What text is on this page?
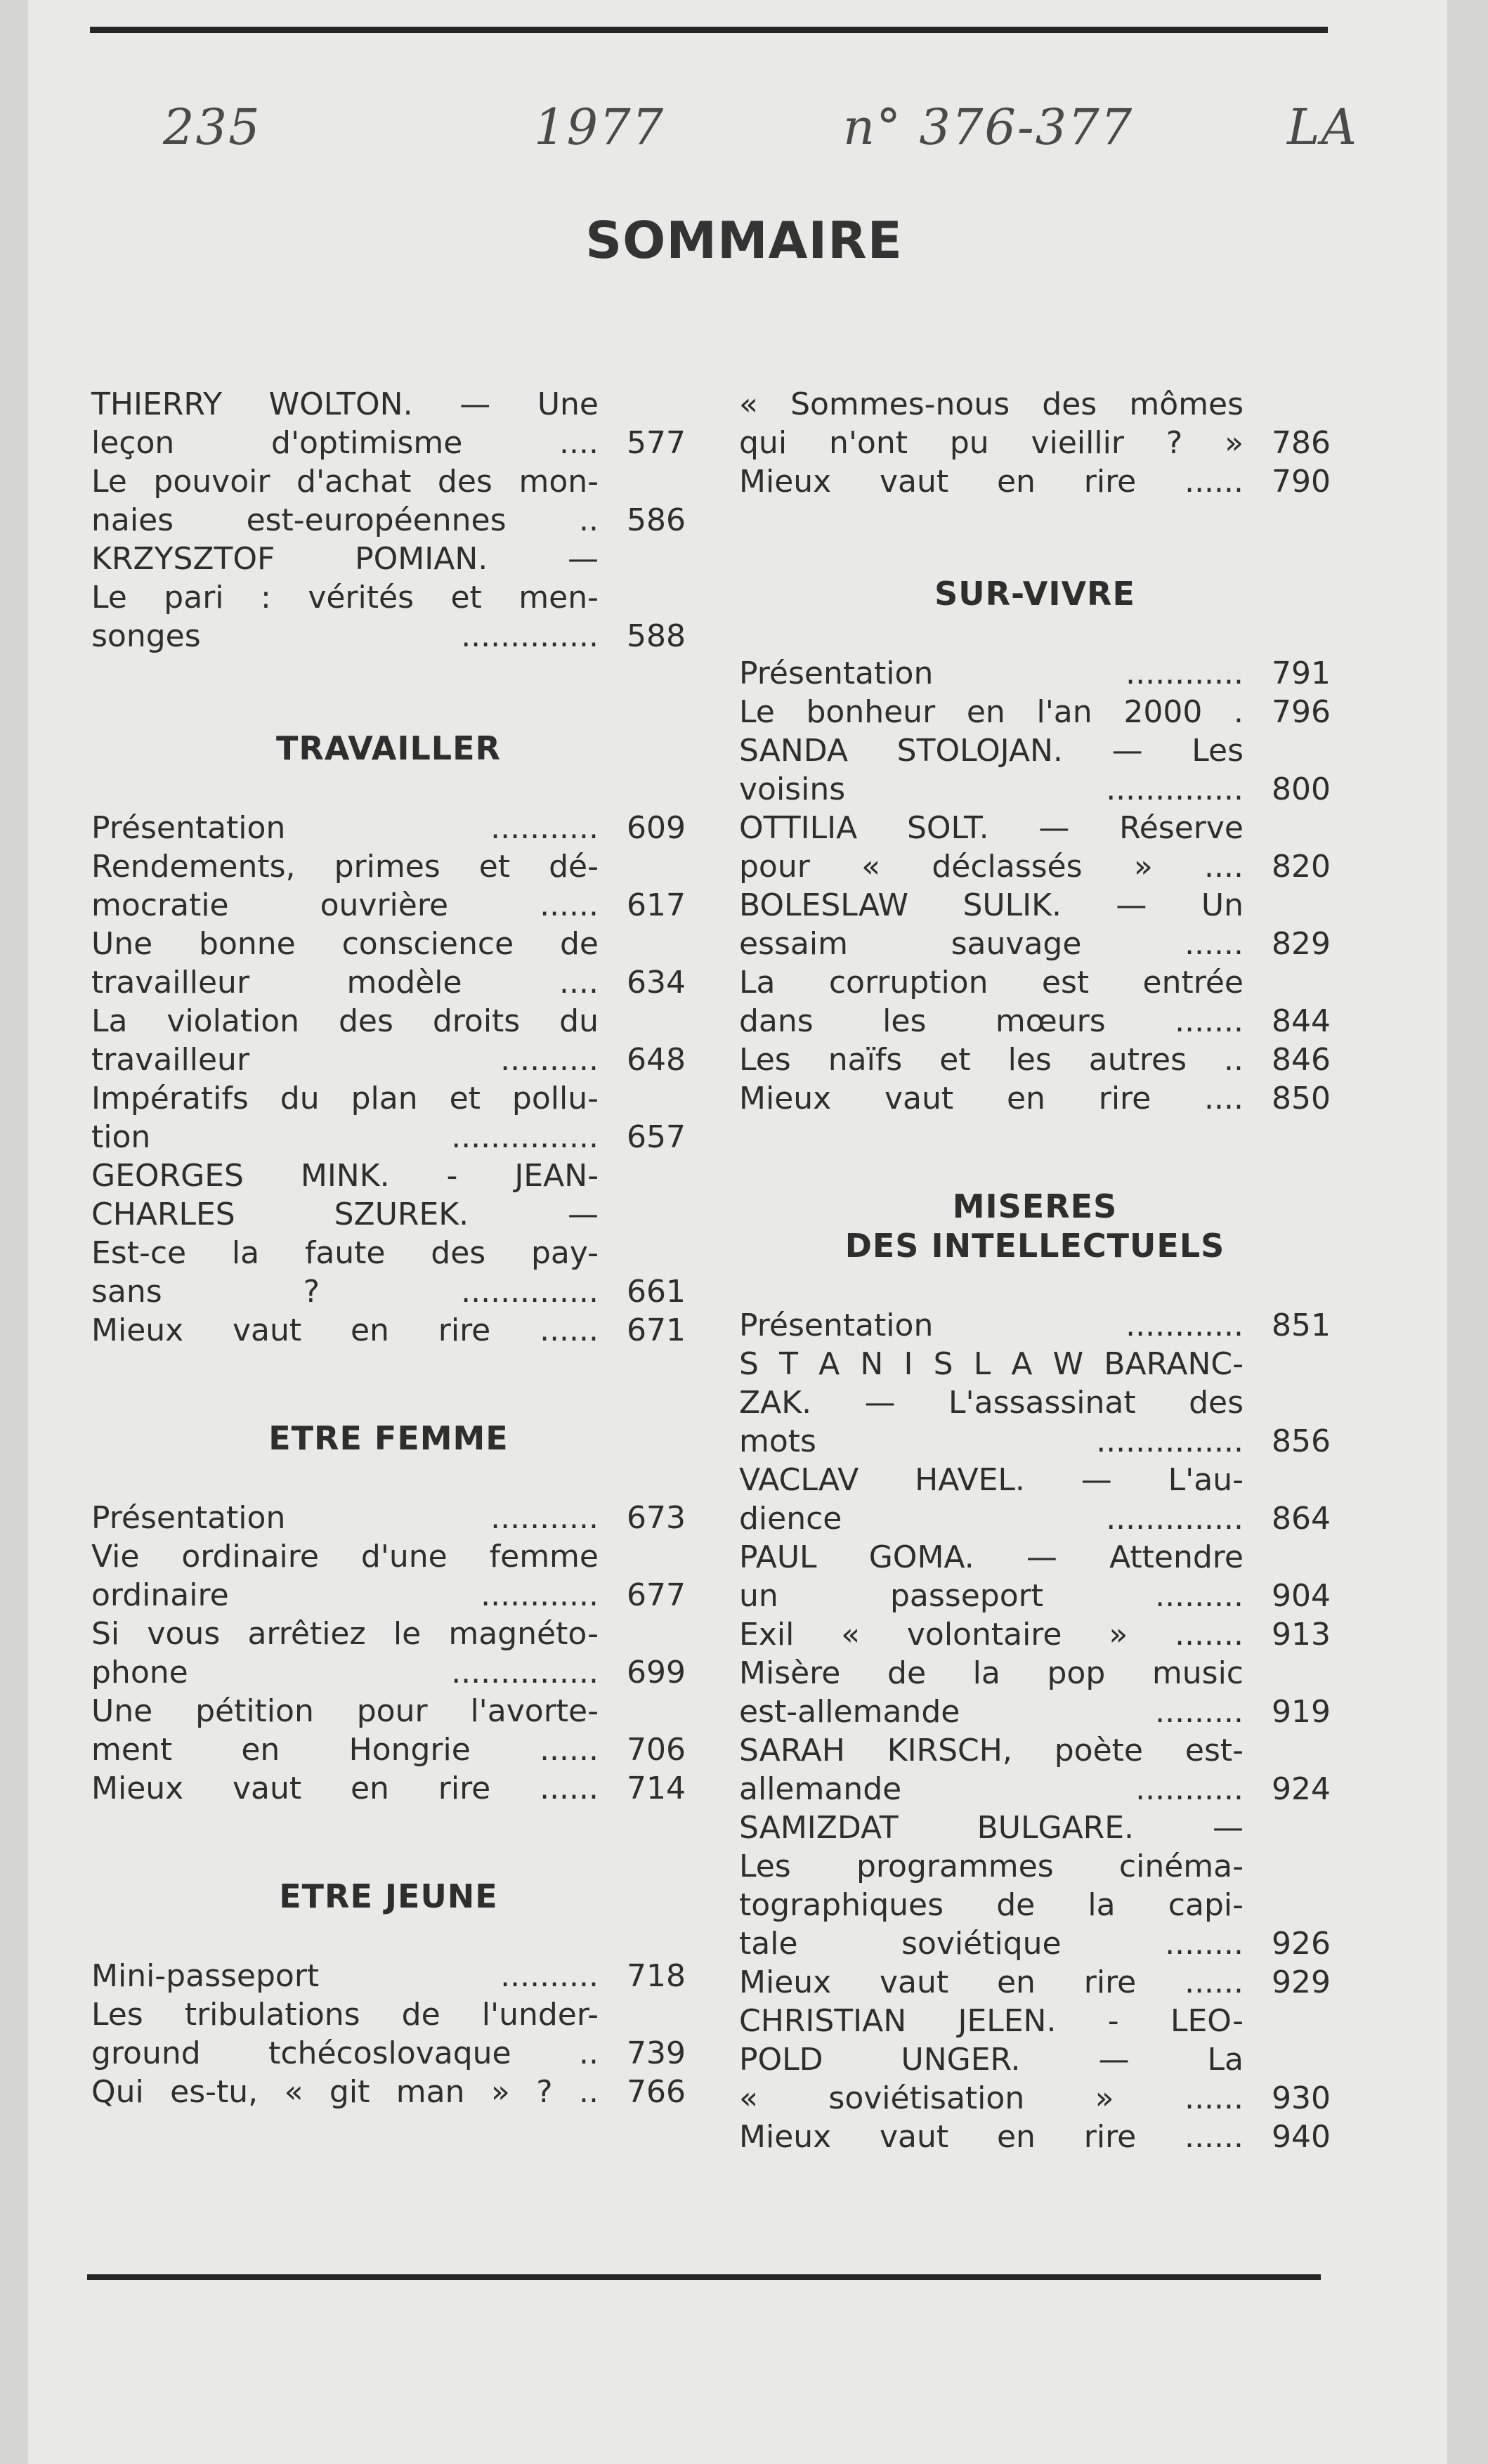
235	1977	n° 376-377	LA
SOMMAIRE
THIERRY WOLTON. — Une
leçon d'optimisme .... 577
Le pouvoir d'achat des mon-
naies est-européennes .. 586
KRZYSZTOF POMIAN. —
Le pari : vérités et men-
songes .............. 588
TRAVAILLER
Présentation ........... 609
Rendements, primes et dé-
mocratie ouvrière ...... 617
Une bonne conscience de
travailleur modèle .... 634
La violation des droits du
travailleur .......... 648
Impératifs du plan et pollu-
tion ............... 657
GEORGES MINK. - JEAN-
CHARLES SZUREK. —
Est-ce la faute des pay-
sans ? .............. 661
Mieux vaut en rire ...... 671
ETRE FEMME
Présentation ........... 673
Vie ordinaire d'une femme
ordinaire ............ 677
Si vous arrêtiez le magnéto-
phone ............... 699
Une pétition pour l'avorte-
ment en Hongrie ...... 706
Mieux vaut en rire ...... 714
ETRE JEUNE
Mini-passeport .......... 718
Les tribulations de l'under-
ground tchécoslovaque .. 739
Qui es-tu, « git man » ? .. 766
« Sommes-nous des mômes
qui n'ont pu vieillir ? » 786
Mieux vaut en rire ...... 790
SUR-VIVRE
Présentation ............ 791
Le bonheur en l'an 2000 . 796
SANDA STOLOJAN. — Les
voisins .............. 800
OTTILIA SOLT. — Réserve
pour « déclassés » .... 820
BOLESLAW SULIK. — Un
essaim sauvage ...... 829
La corruption est entrée
dans les mœurs ....... 844
Les naïfs et les autres .. 846
Mieux vaut en rire .... 850
MISERES
DES INTELLECTUELS
Présentation ............ 851
S T A N I S L A W BARANC-
ZAK. — L'assassinat des
mots ............... 856
VACLAV HAVEL. — L'au-
dience .............. 864
PAUL GOMA. — Attendre
un passeport ......... 904
Exil « volontaire » ....... 913
Misère de la pop music
est-allemande ......... 919
SARAH KIRSCH, poète est-
allemande ........... 924
SAMIZDAT BULGARE. —
Les programmes cinéma-
tographiques de la capi-
tale soviétique ........ 926
Mieux vaut en rire ...... 929
CHRISTIAN JELEN. - LEO-
POLD UNGER. — La
« soviétisation » ...... 930
Mieux vaut en rire ...... 940
